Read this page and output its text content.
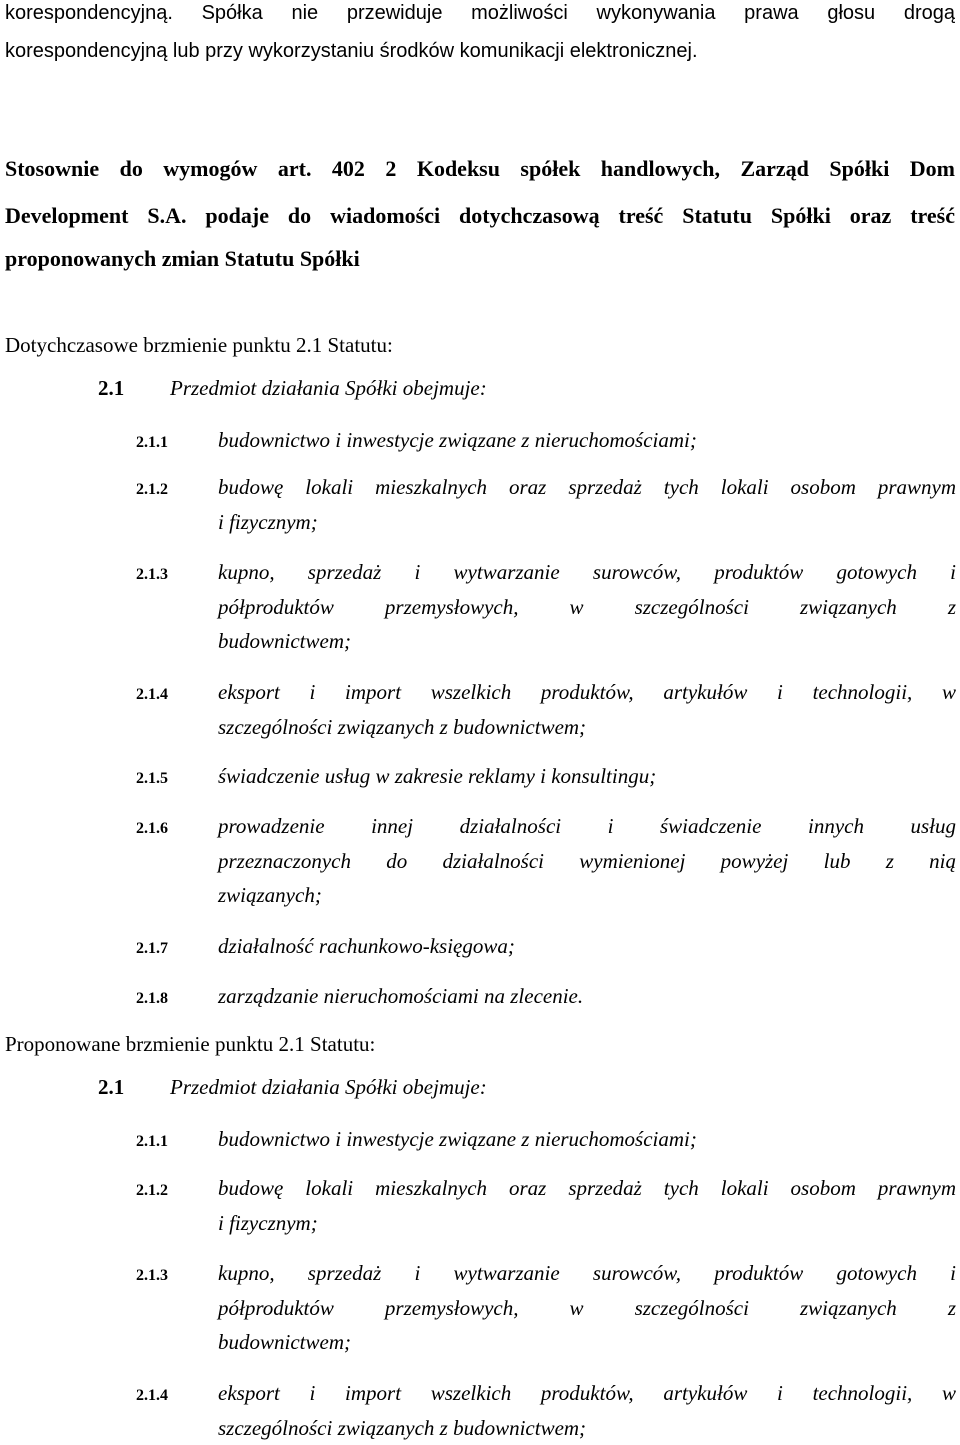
korespondencyjną. Spółka nie przewiduje możliwości wykonywania prawa głosu drogą
korespondencyjną lub przy wykorzystaniu środków komunikacji elektronicznej.
Stosownie do wymogów art. 402 2 Kodeksu spółek handlowych, Zarząd Spółki Dom
Development S.A. podaje do wiadomości dotychczasową treść Statutu Spółki oraz treść
proponowanych zmian Statutu Spółki
Dotychczasowe brzmienie punktu 2.1 Statutu:
2.1 Przedmiot działania Spółki obejmuje:
2.1.1 budownictwo i inwestycje związane z nieruchomościami;
2.1.2 budowę lokali mieszkalnych oraz sprzedaż tych lokali osobom prawnym
i fizycznym;
2.1.3 kupno, sprzedaż i wytwarzanie surowców, produktów gotowych i
półproduktów przemysłowych, w szczególności związanych z
budownictwem;
2.1.4 eksport i import wszelkich produktów, artykułów i technologii, w
szczególności związanych z budownictwem;
2.1.5 świadczenie usług w zakresie reklamy i konsultingu;
2.1.6 prowadzenie innej działalności i świadczenie innych usług
przeznaczonych do działalności wymienionej powyżej lub z nią
związanych;
2.1.7 działalność rachunkowo-księgowa;
2.1.8 zarządzanie nieruchomościami na zlecenie.
Proponowane brzmienie punktu 2.1 Statutu:
2.1 Przedmiot działania Spółki obejmuje:
2.1.1 budownictwo i inwestycje związane z nieruchomościami;
2.1.2 budowę lokali mieszkalnych oraz sprzedaż tych lokali osobom prawnym
i fizycznym;
2.1.3 kupno, sprzedaż i wytwarzanie surowców, produktów gotowych i
półproduktów przemysłowych, w szczególności związanych z
budownictwem;
2.1.4 eksport i import wszelkich produktów, artykułów i technologii, w
szczególności związanych z budownictwem;
